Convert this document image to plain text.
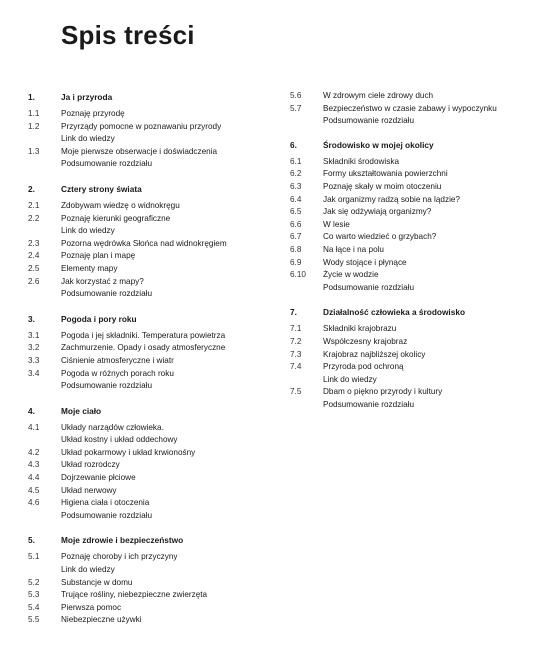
Spis treści
1.	Ja i przyroda
1.1	Poznaję przyrodę
1.2	Przyrządy pomocne w poznawaniu przyrody
Link do wiedzy
1.3	Moje pierwsze obserwacje i doświadczenia
Podsumowanie rozdziału
2.	Cztery strony świata
2.1	Zdobywam wiedzę o widnokręgu
2.2	Poznaję kierunki geograficzne
Link do wiedzy
2.3	Pozorna wędrówka Słońca nad widnokręgiem
2.4	Poznaję plan i mapę
2.5	Elementy mapy
2.6	Jak korzystać z mapy?
Podsumowanie rozdziału
3.	Pogoda i pory roku
3.1	Pogoda i jej składniki. Temperatura powietrza
3.2	Zachmurzenie. Opady i osady atmosferyczne
3.3	Ciśnienie atmosferyczne i wiatr
3.4	Pogoda w różnych porach roku
Podsumowanie rozdziału
4.	Moje ciało
4.1	Układy narządów człowieka.
Układ kostny i układ oddechowy
4.2	Układ pokarmowy i układ krwionośny
4.3	Układ rozrodczy
4.4	Dojrzewanie płciowe
4.5	Układ nerwowy
4.6	Higiena ciała i otoczenia
Podsumowanie rozdziału
5.	Moje zdrowie i bezpieczeństwo
5.1	Poznaję choroby i ich przyczyny
Link do wiedzy
5.2	Substancje w domu
5.3	Trujące rośliny, niebezpieczne zwierzęta
5.4	Pierwsza pomoc
5.5	Niebezpieczne używki
5.6	W zdrowym ciele zdrowy duch
5.7	Bezpieczeństwo w czasie zabawy i wypoczynku
Podsumowanie rozdziału
6.	Środowisko w mojej okolicy
6.1	Składniki środowiska
6.2	Formy ukształtowania powierzchni
6.3	Poznaję skały w moim otoczeniu
6.4	Jak organizmy radzą sobie na lądzie?
6.5	Jak się odżywiają organizmy?
6.6	W lesie
6.7	Co warto wiedzieć o grzybach?
6.8	Na łące i na polu
6.9	Wody stojące i płynące
6.10	Życie w wodzie
Podsumowanie rozdziału
7.	Działalność człowieka a środowisko
7.1	Składniki krajobrazu
7.2	Współczesny krajobraz
7.3	Krajobraz najbliższej okolicy
7.4	Przyroda pod ochroną
Link do wiedzy
7.5	Dbam o piękno przyrody i kultury
Podsumowanie rozdziału
